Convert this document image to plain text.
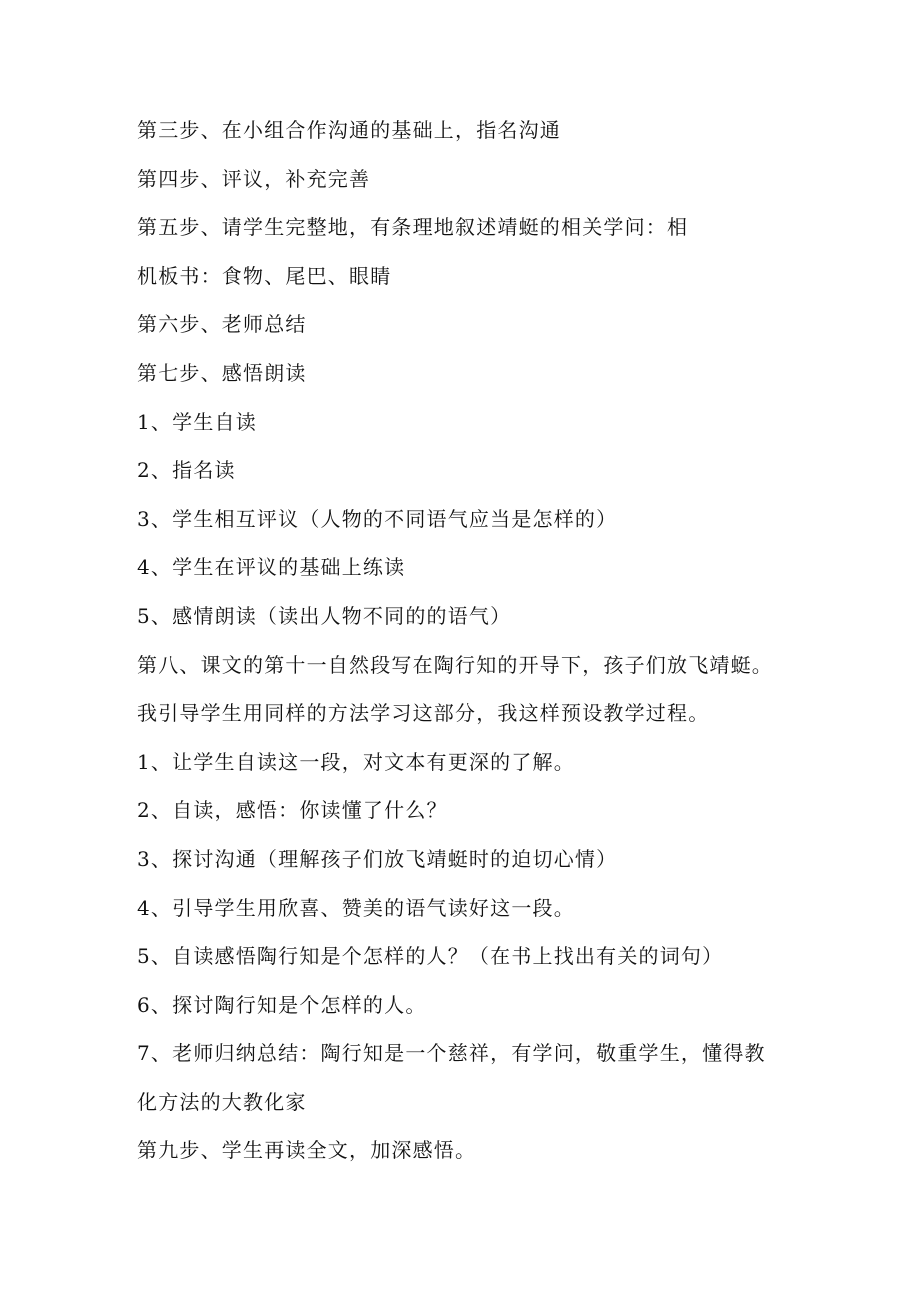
第三步、在小组合作沟通的基础上，指名沟通
第四步、评议，补充完善
第五步、请学生完整地，有条理地叙述靖蜓的相关学问：相
机板书：食物、尾巴、眼睛
第六步、老师总结
第七步、感悟朗读
1、学生自读
2、指名读
3、学生相互评议（人物的不同语气应当是怎样的）
4、学生在评议的基础上练读
5、感情朗读（读出人物不同的的语气）
第八、课文的第十一自然段写在陶行知的开导下，孩子们放飞靖蜓。
我引导学生用同样的方法学习这部分，我这样预设教学过程。
1、让学生自读这一段，对文本有更深的了解。
2、自读，感悟：你读懂了什么？
3、探讨沟通（理解孩子们放飞靖蜓时的迫切心情）
4、引导学生用欣喜、赞美的语气读好这一段。
5、自读感悟陶行知是个怎样的人？（在书上找出有关的词句）
6、探讨陶行知是个怎样的人。
7、老师归纳总结：陶行知是一个慈祥，有学问，敬重学生，懂得教
化方法的大教化家
第九步、学生再读全文，加深感悟。
